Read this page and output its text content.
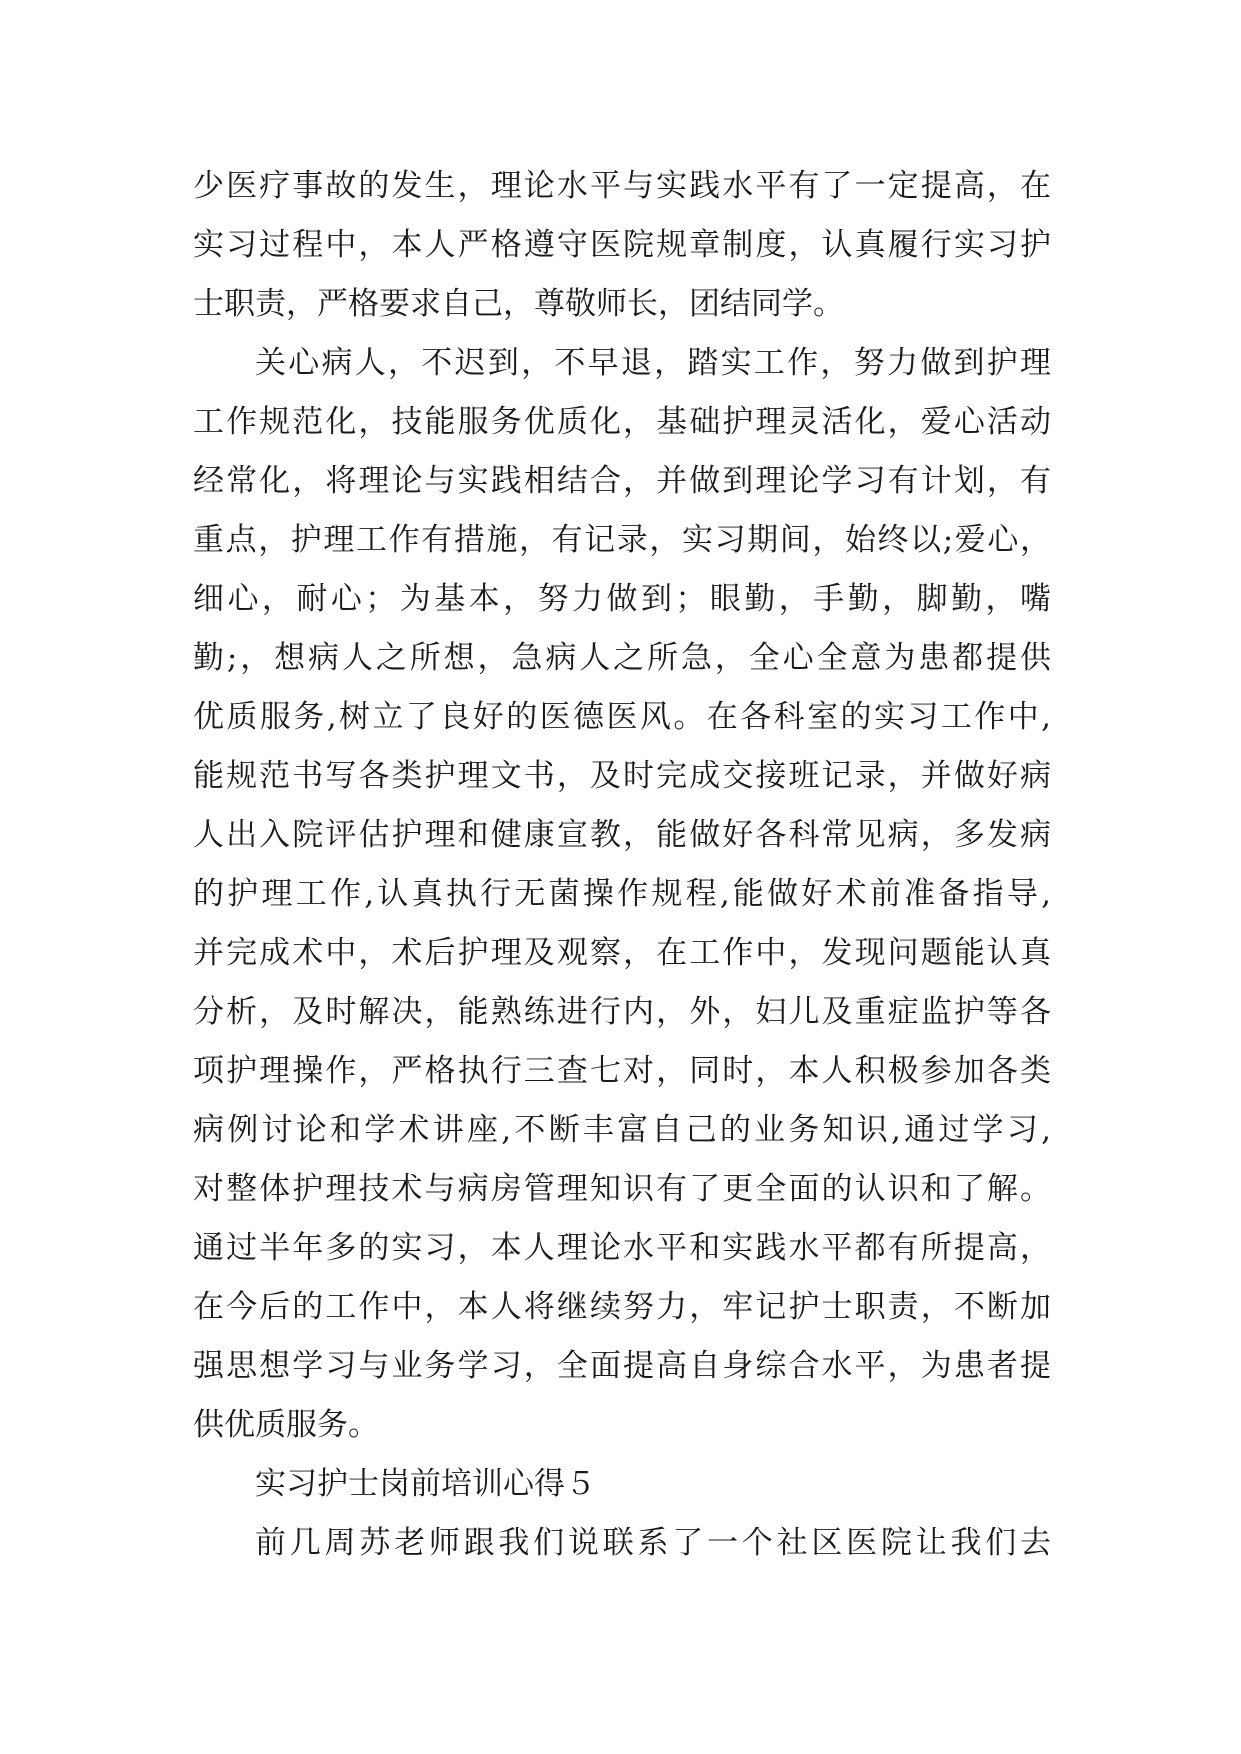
少医疗事故的发生，理论水平与实践水平有了一定提高，在
实习过程中，本人严格遵守医院规章制度，认真履行实习护
士职责，严格要求自己，尊敬师长，团结同学。
关心病人，不迟到，不早退，踏实工作，努力做到护理
工作规范化，技能服务优质化，基础护理灵活化，爱心活动
经常化，将理论与实践相结合，并做到理论学习有计划，有
重点，护理工作有措施，有记录，实习期间，始终以;爱心，
细心，耐心；为基本，努力做到；眼勤，手勤，脚勤，嘴
勤;，想病人之所想，急病人之所急，全心全意为患都提供
优质服务,树立了良好的医德医风。在各科室的实习工作中,
能规范书写各类护理文书，及时完成交接班记录，并做好病
人出入院评估护理和健康宣教，能做好各科常见病，多发病
的护理工作,认真执行无菌操作规程,能做好术前准备指导,
并完成术中，术后护理及观察，在工作中，发现问题能认真
分析，及时解决，能熟练进行内，外，妇儿及重症监护等各
项护理操作，严格执行三查七对，同时，本人积极参加各类
病例讨论和学术讲座,不断丰富自己的业务知识,通过学习,
对整体护理技术与病房管理知识有了更全面的认识和了解。
通过半年多的实习，本人理论水平和实践水平都有所提高，
在今后的工作中，本人将继续努力，牢记护士职责，不断加
强思想学习与业务学习，全面提高自身综合水平，为患者提
供优质服务。
实习护士岗前培训心得５
前几周苏老师跟我们说联系了一个社区医院让我们去
